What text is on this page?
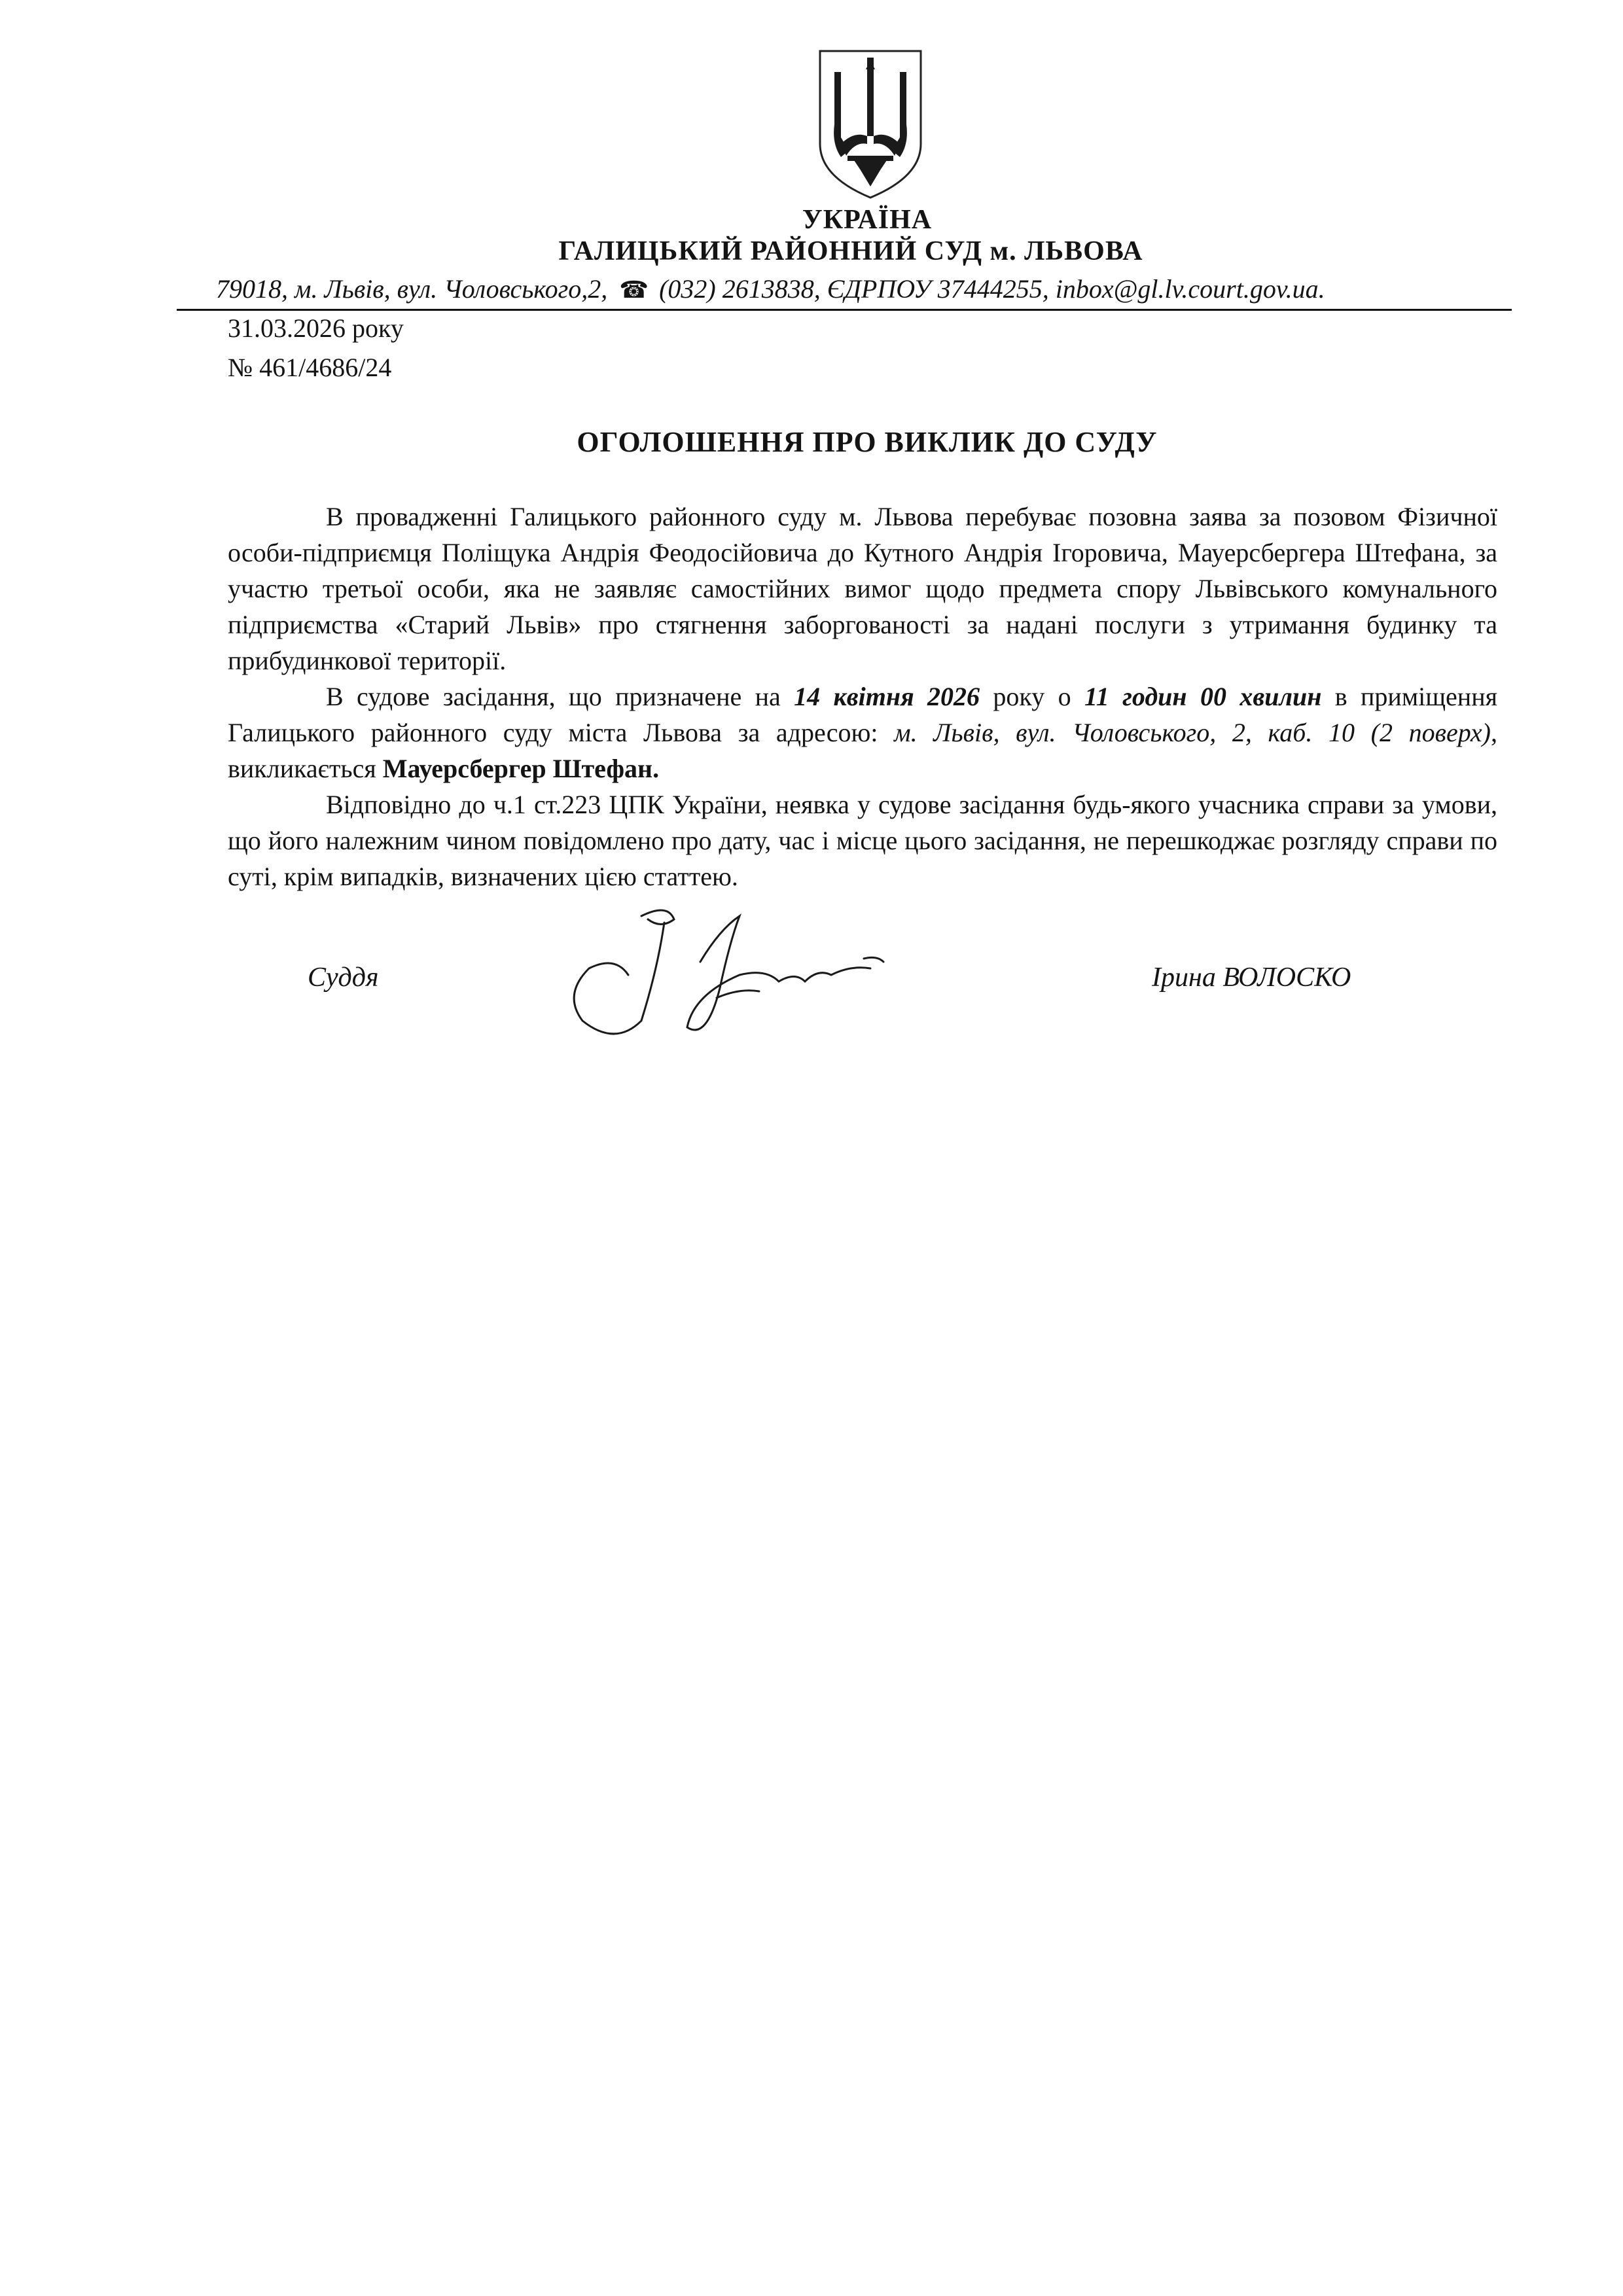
УКРАЇНА
ГАЛИЦЬКИЙ РАЙОННИЙ СУД м. ЛЬВОВА
79018, м. Львів, вул. Чоловського,2, ☎ (032) 2613838, ЄДРПОУ 37444255, inbox@gl.lv.court.gov.ua.
31.03.2026 року
№ 461/4686/24
ОГОЛОШЕННЯ ПРО ВИКЛИК ДО СУДУ

В провадженні Галицького районного суду м. Львова перебуває позовна заява за позовом Фізичної особи-підприємця Поліщука Андрія Феодосійовича до Кутного Андрія Ігоровича, Мауерсбергера Штефана, за участю третьої особи, яка не заявляє самостійних вимог щодо предмета спору Львівського комунального підприємства «Старий Львів» про стягнення заборгованості за надані послуги з утримання будинку та прибудинкової території.

В судове засідання, що призначене на 14 квітня 2026 року о 11 годин 00 хвилин в приміщення Галицького районного суду міста Львова за адресою: м. Львів, вул. Чоловського, 2, каб. 10 (2 поверх), викликається Мауерсбергер Штефан.

Відповідно до ч.1 ст.223 ЦПК України, неявка у судове засідання будь-якого учасника справи за умови, що його належним чином повідомлено про дату, час і місце цього засідання, не перешкоджає розгляду справи по суті, крім випадків, визначених цією статтею.

Суддя	Ірина ВОЛОСКО
